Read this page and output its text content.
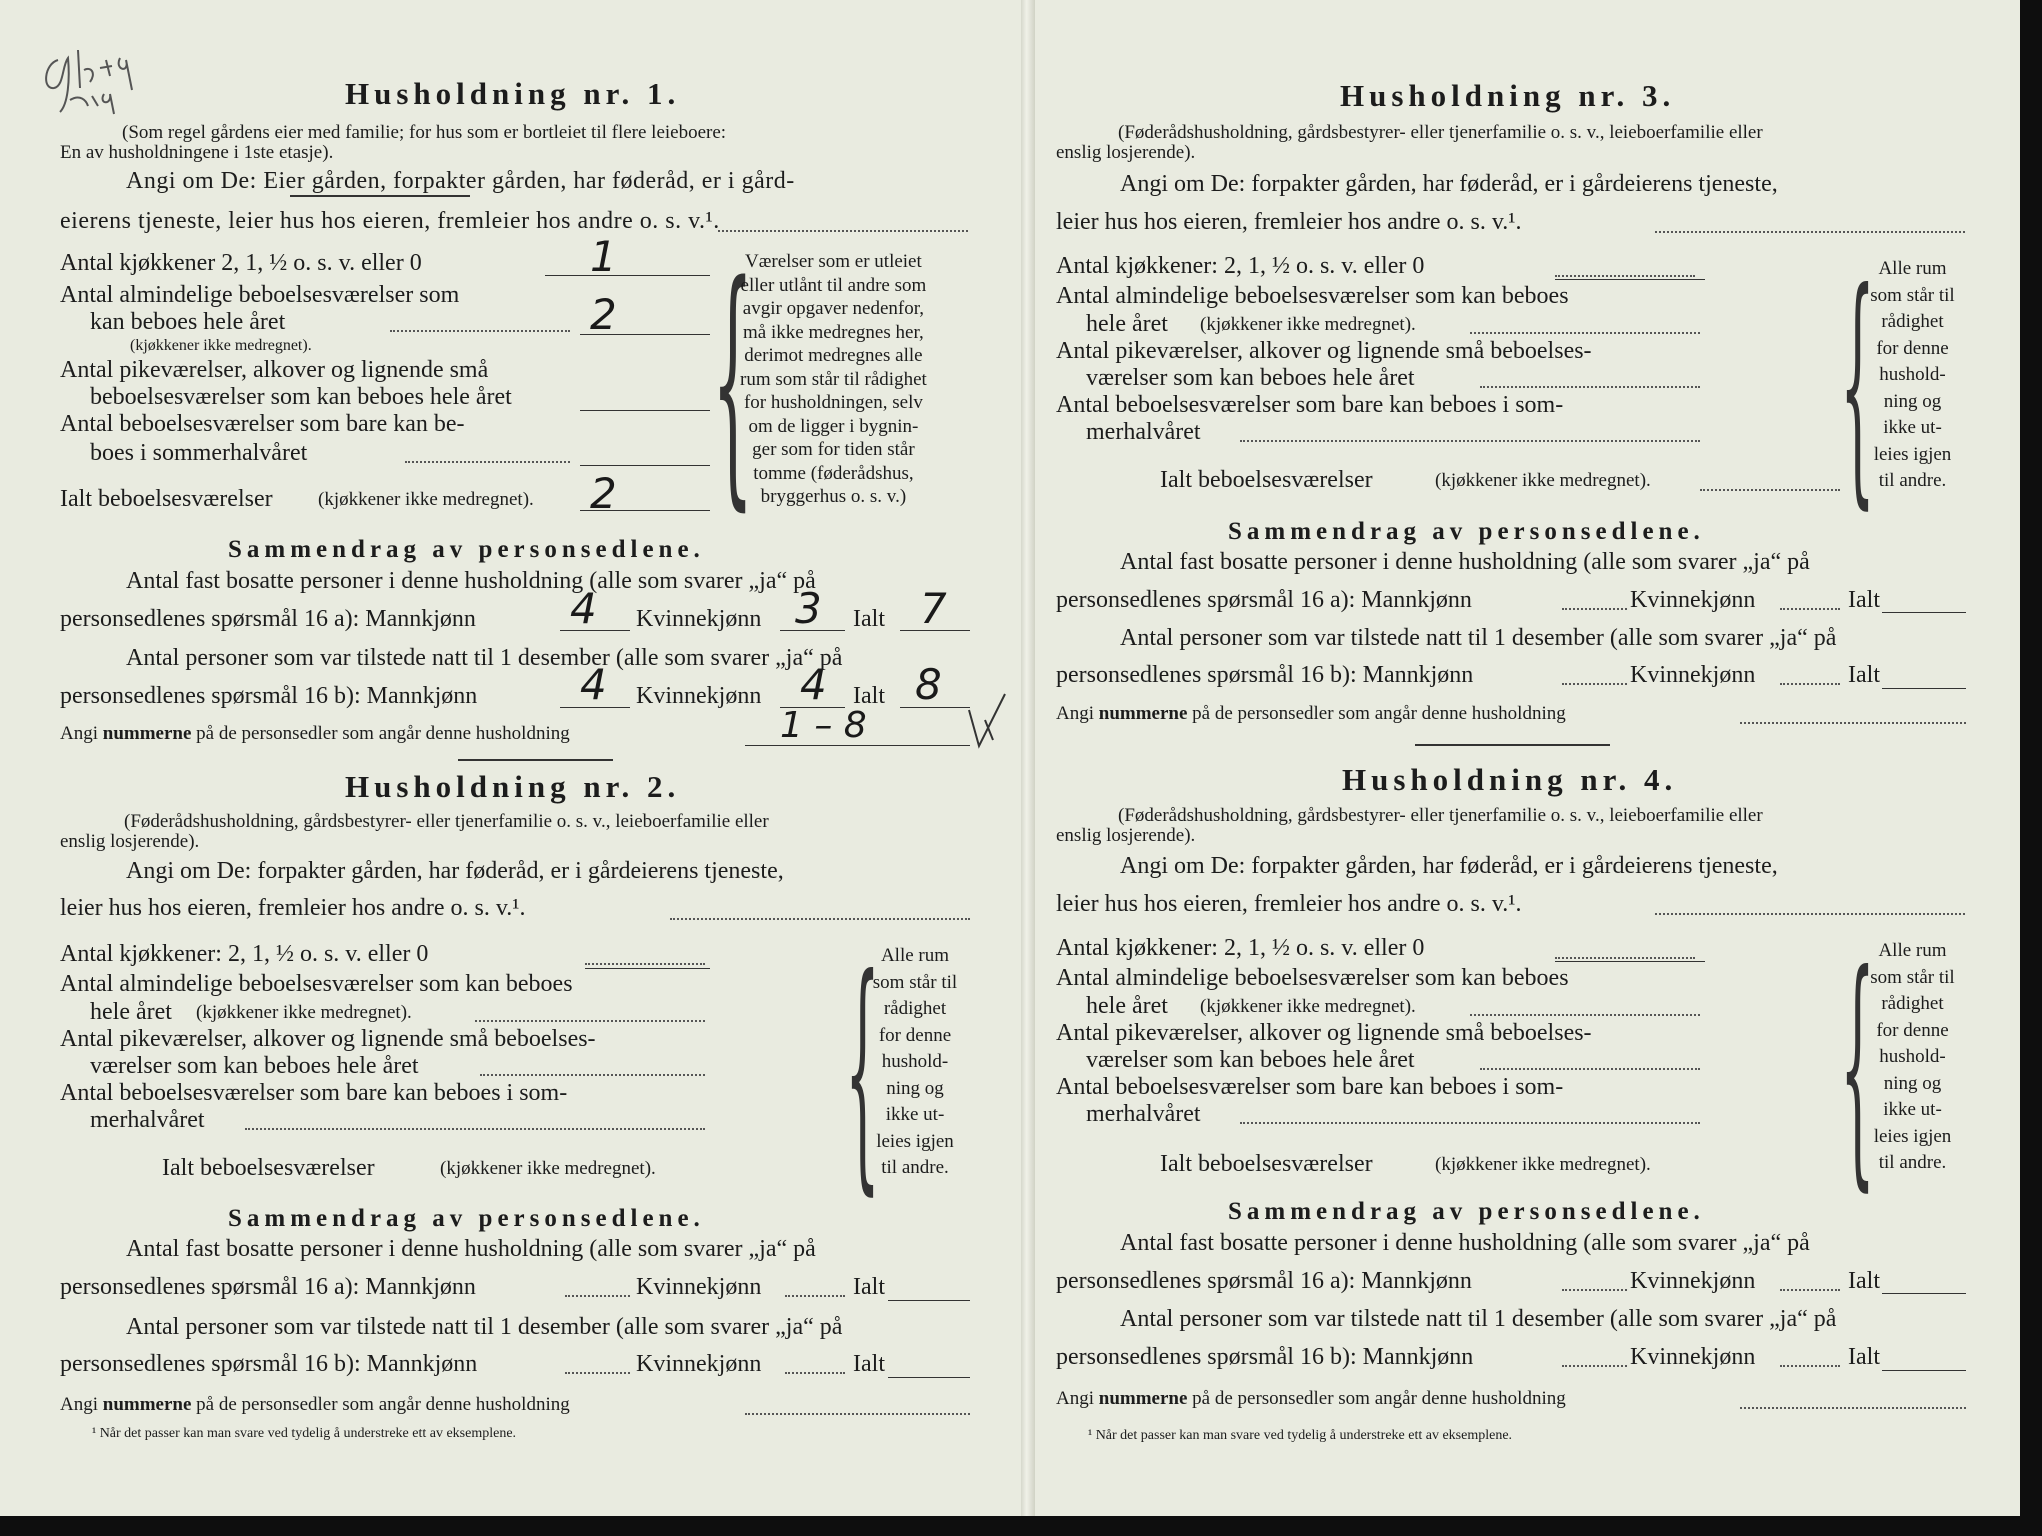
Husholdning nr. 1.
(Som regel gårdens eier med familie; for hus som er bortleiet til flere leieboere:
En av husholdningene i 1ste etasje).
Angi om De: Eier gården, forpakter gården, har føderåd, er i gård-
eierens tjeneste, leier hus hos eieren, fremleier hos andre o. s. v.¹.
Antal kjøkkener 2, 1, ½ o. s. v. eller 0	1
Antal almindelige beboelsesværelser som
kan beboes hele året	2
(kjøkkener ikke medregnet).
Antal pikeværelser, alkover og lignende små
beboelsesværelser som kan beboes hele året
Antal beboelsesværelser som bare kan be-
boes i sommerhalvåret
Ialt beboelsesværelser (kjøkkener ikke medregnet). 2 {
Værelser som er utleiet
eller utlånt til andre som
avgir opgaver nedenfor,
må ikke medregnes her,
derimot medregnes alle
rum som står til rådighet
for husholdningen, selv
om de ligger i bygnin-
ger som for tiden står
tomme (føderådshus,
bryggerhus o. s. v.)
Sammendrag av personsedlene.
Antal fast bosatte personer i denne husholdning (alle som svarer „ja“ på
personsedlenes spørsmål 16 a): Mannkjønn 4 Kvinnekjønn 3 Ialt 7
Antal personer som var tilstede natt til 1 desember (alle som svarer „ja“ på
personsedlenes spørsmål 16 b): Mannkjønn 4 Kvinnekjønn 4 Ialt 8
Angi nummerne på de personsedler som angår denne husholdning	1 – 8
Husholdning nr. 2.
(Føderådshusholdning, gårdsbestyrer- eller tjenerfamilie o. s. v., leieboerfamilie eller
enslig losjerende).
Angi om De: forpakter gården, har føderåd, er i gårdeierens tjeneste,
leier hus hos eieren, fremleier hos andre o. s. v.¹.
Antal kjøkkener: 2, 1, ½ o. s. v. eller 0
Antal almindelige beboelsesværelser som kan beboes
hele året (kjøkkener ikke medregnet).
Antal pikeværelser, alkover og lignende små beboelses-
værelser som kan beboes hele året
Antal beboelsesværelser som bare kan beboes i som-
merhalvåret
Ialt beboelsesværelser	(kjøkkener ikke medregnet). { Alle rum
som står til
rådighet
for denne
hushold-
ning og
ikke ut-
leies igjen
til andre.
Sammendrag av personsedlene.
Antal fast bosatte personer i denne husholdning (alle som svarer „ja“ på
personsedlenes spørsmål 16 a): Mannkjønn	Kvinnekjønn	Ialt
Antal personer som var tilstede natt til 1 desember (alle som svarer „ja“ på
personsedlenes spørsmål 16 b): Mannkjønn	Kvinnekjønn	Ialt
Angi nummerne på de personsedler som angår denne husholdning
¹ Når det passer kan man svare ved tydelig å understreke ett av eksemplene.
Husholdning nr. 3.
(Føderådshusholdning, gårdsbestyrer- eller tjenerfamilie o. s. v., leieboerfamilie eller
enslig losjerende).
Angi om De: forpakter gården, har føderåd, er i gårdeierens tjeneste,
leier hus hos eieren, fremleier hos andre o. s. v.¹.
Antal kjøkkener: 2, 1, ½ o. s. v. eller 0
Antal almindelige beboelsesværelser som kan beboes
hele året (kjøkkener ikke medregnet).
Antal pikeværelser, alkover og lignende små beboelses-
værelser som kan beboes hele året
Antal beboelsesværelser som bare kan beboes i som-
merhalvåret
Ialt beboelsesværelser	(kjøkkener ikke medregnet). { Alle rum
som står til
rådighet
for denne
hushold-
ning og
ikke ut-
leies igjen
til andre.
Sammendrag av personsedlene.
Antal fast bosatte personer i denne husholdning (alle som svarer „ja“ på
personsedlenes spørsmål 16 a): Mannkjønn	Kvinnekjønn	Ialt
Antal personer som var tilstede natt til 1 desember (alle som svarer „ja“ på
personsedlenes spørsmål 16 b): Mannkjønn	Kvinnekjønn	Ialt
Angi nummerne på de personsedler som angår denne husholdning
Husholdning nr. 4.
(Føderådshusholdning, gårdsbestyrer- eller tjenerfamilie o. s. v., leieboerfamilie eller
enslig losjerende).
Angi om De: forpakter gården, har føderåd, er i gårdeierens tjeneste,
leier hus hos eieren, fremleier hos andre o. s. v.¹.
Antal kjøkkener: 2, 1, ½ o. s. v. eller 0
Antal almindelige beboelsesværelser som kan beboes
hele året (kjøkkener ikke medregnet).
Antal pikeværelser, alkover og lignende små beboelses-
værelser som kan beboes hele året
Antal beboelsesværelser som bare kan beboes i som-
merhalvåret
Ialt beboelsesværelser	(kjøkkener ikke medregnet). { Alle rum
som står til
rådighet
for denne
hushold-
ning og
ikke ut-
leies igjen
til andre.
Sammendrag av personsedlene.
Antal fast bosatte personer i denne husholdning (alle som svarer „ja“ på
personsedlenes spørsmål 16 a): Mannkjønn	Kvinnekjønn	Ialt
Antal personer som var tilstede natt til 1 desember (alle som svarer „ja“ på
personsedlenes spørsmål 16 b): Mannkjønn	Kvinnekjønn	Ialt
Angi nummerne på de personsedler som angår denne husholdning
¹ Når det passer kan man svare ved tydelig å understreke ett av eksemplene.
